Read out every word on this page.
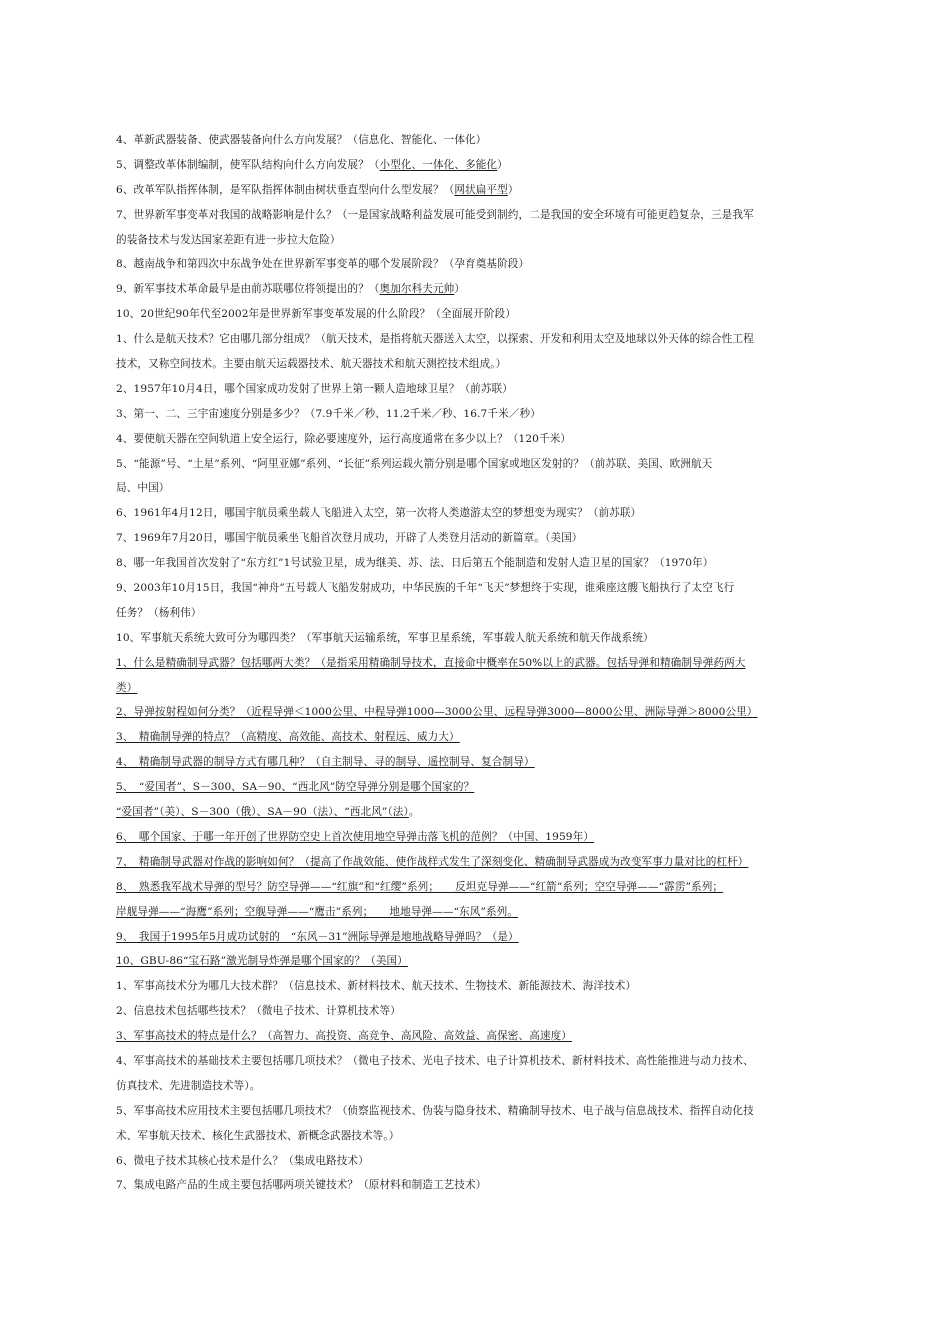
4、革新武器装备、使武器装备向什么方向发展？（信息化、智能化、一体化）
5、调整改革体制编制，使军队结构向什么方向发展？（小型化、一体化、多能化）
6、改革军队指挥体制，是军队指挥体制由树状垂直型向什么型发展？（网状扁平型）
7、世界新军事变革对我国的战略影响是什么？（一是国家战略利益发展可能受到制约，二是我国的安全环境有可能更趋复杂，三是我军
的装备技术与发达国家差距有进一步拉大危险）
8、越南战争和第四次中东战争处在世界新军事变革的哪个发展阶段？（孕育奠基阶段）
9、新军事技术革命最早是由前苏联哪位将领提出的？（奥加尔科夫元帅）
10、20世纪90年代至2002年是世界新军事变革发展的什么阶段？（全面展开阶段）
1、什么是航天技术？它由哪几部分组成？（航天技术，是指将航天器送入太空，以探索、开发和利用太空及地球以外天体的综合性工程
技术，又称空间技术。主要由航天运载器技术、航天器技术和航天测控技术组成。）
2、1957年10月4日，哪个国家成功发射了世界上第一颗人造地球卫星？（前苏联）
3、第一、二、三宇宙速度分别是多少？（7.9千米／秒、11.2千米／秒、16.7千米／秒）
4、要使航天器在空间轨道上安全运行，除必要速度外，运行高度通常在多少以上？（120千米）
5、“能源”号、“土星”系列、“阿里亚娜”系列、“长征”系列运载火箭分别是哪个国家或地区发射的？（前苏联、美国、欧洲航天
局、中国）
6、1961年4月12日，哪国宇航员乘坐载人飞船进入太空，第一次将人类遨游太空的梦想变为现实？（前苏联）
7、1969年7月20日，哪国宇航员乘坐飞船首次登月成功，开辟了人类登月活动的新篇章。（美国）
8、哪一年我国首次发射了“东方红”1号试验卫星，成为继美、苏、法、日后第五个能制造和发射人造卫星的国家？（1970年）
9、2003年10月15日，我国“神舟”五号载人飞船发射成功，中华民族的千年“飞天”梦想终于实现，谁乘座这艘飞船执行了太空飞行
任务？（杨利伟）
10、军事航天系统大致可分为哪四类？（军事航天运输系统，军事卫星系统，军事载人航天系统和航天作战系统）
1、什么是精确制导武器？包括哪两大类？（是指采用精确制导技术，直接命中概率在50%以上的武器。包括导弹和精确制导弹药两大
类）
2、导弹按射程如何分类？（近程导弹＜1000公里、中程导弹1000—3000公里、远程导弹3000—8000公里、洲际导弹＞8000公里）
3、　精确制导弹的特点？（高精度、高效能、高技术、射程远、威力大）
4、　精确制导武器的制导方式有哪几种？（自主制导、寻的制导、遥控制导、复合制导）
5、　“爱国者”、S－300、SA－90、“西北风”防空导弹分别是哪个国家的？
“爱国者”（美）、S－300（俄）、SA－90（法）、“西北风”（法）。
6、　哪个国家、于哪一年开创了世界防空史上首次使用地空导弹击落飞机的范例？（中国、1959年）
7、　精确制导武器对作战的影响如何？（提高了作战效能、使作战样式发生了深刻变化、精确制导武器成为改变军事力量对比的杠杆）
8、　熟悉我军战术导弹的型号？防空导弹——“红旗”和“红缨”系列；　　反坦克导弹——“红箭”系列；空空导弹——“霹雳”系列；
岸舰导弹——“海鹰”系列；空舰导弹——“鹰击”系列；　　地地导弹——“东风”系列。
9、　我国于1995年5月成功试射的　“东风－31”洲际导弹是地地战略导弹吗？（是）
10、GBU-86“宝石路”激光制导炸弹是哪个国家的？（美国）
1、军事高技术分为哪几大技术群？（信息技术、新材料技术、航天技术、生物技术、新能源技术、海洋技术）
2、信息技术包括哪些技术？（微电子技术、计算机技术等）
3、军事高技术的特点是什么？（高智力、高投资、高竞争、高风险、高效益、高保密、高速度）
4、军事高技术的基础技术主要包括哪几项技术？（微电子技术、光电子技术、电子计算机技术、新材料技术、高性能推进与动力技术、
仿真技术、先进制造技术等）。
5、军事高技术应用技术主要包括哪几项技术？（侦察监视技术、伪装与隐身技术、精确制导技术、电子战与信息战技术、指挥自动化技
术、军事航天技术、核化生武器技术、新概念武器技术等。）
6、微电子技术其核心技术是什么？（集成电路技术）
7、集成电路产品的生成主要包括哪两项关键技术？（原材料和制造工艺技术）
